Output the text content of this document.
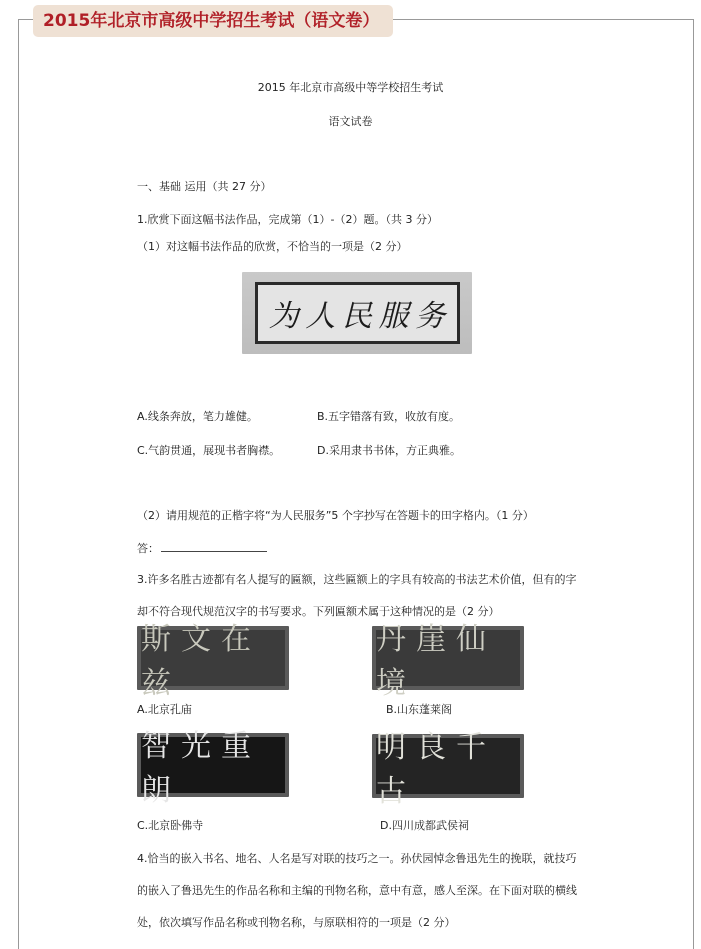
2015年北京市高级中学招生考试（语文卷）
2015 年北京市高级中等学校招生考试
语文试卷
一、基础 运用（共 27 分）
1.欣赏下面这幅书法作品，完成第（1）-（2）题。（共 3 分）
（1）对这幅书法作品的欣赏，不恰当的一项是（2 分）
为 人 民 服 务
A.线条奔放，笔力雄健。	B.五字错落有致，收放有度。
C.气韵贯通，展现书者胸襟。	D.采用隶书书体，方正典雅。
（2）请用规范的正楷字将“为人民服务”5 个字抄写在答题卡的田字格内。（1 分）
答：
3.许多名胜古迹都有名人提写的匾额，这些匾额上的字具有较高的书法艺术价值，但有的字
却不符合现代规范汉字的书写要求。下列匾额术属于这种情况的是（2 分）
斯文在兹
丹崖仙境
A.北京孔庙	B.山东蓬莱阁
智光重朗
明良千古
C.北京卧佛寺	D.四川成都武侯祠
4.恰当的嵌入书名、地名、人名是写对联的技巧之一。孙伏园悼念鲁迅先生的挽联，就技巧
的嵌入了鲁迅先生的作品名称和主编的刊物名称，意中有意，感人至深。在下面对联的横线
处，依次填写作品名称或刊物名称，与原联相符的一项是（2 分）
